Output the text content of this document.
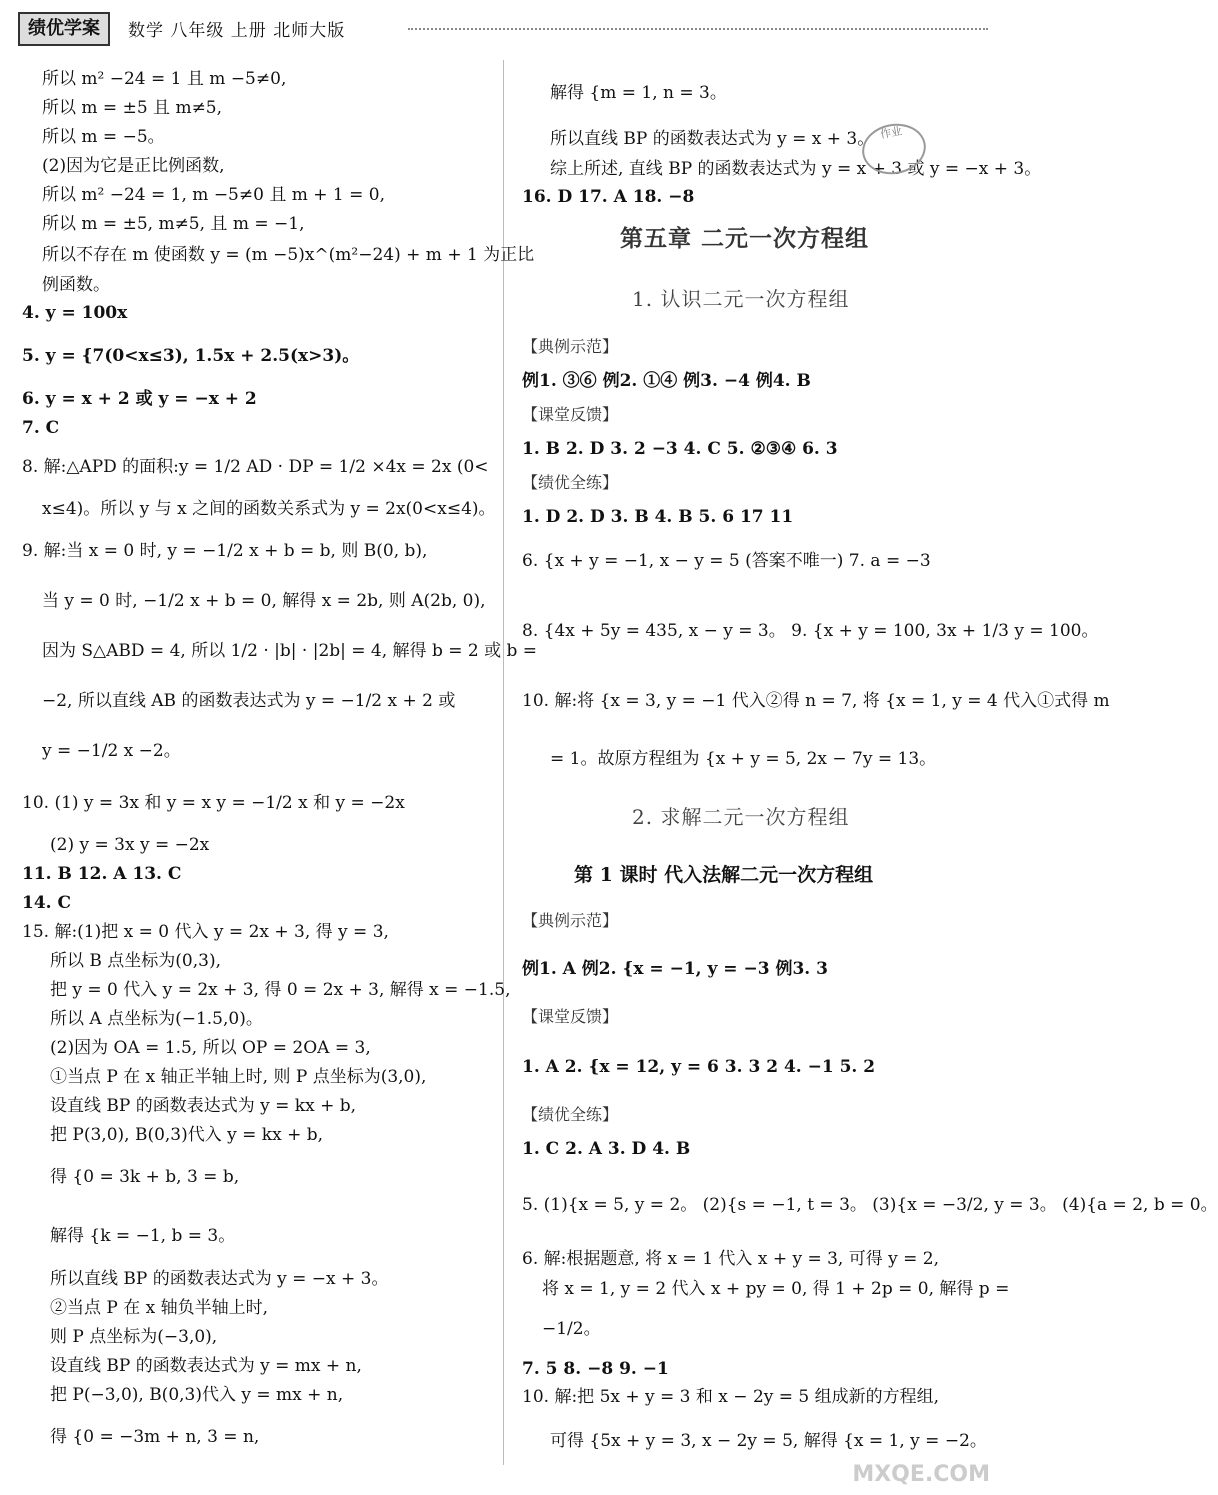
绩优学案	数学 八年级 上册 北师大版
所以 m² −24 = 1 且 m −5≠0,
所以 m = ±5 且 m≠5,
所以 m = −5。
(2)因为它是正比例函数,
所以 m² −24 = 1, m −5≠0 且 m + 1 = 0,
所以 m = ±5, m≠5, 且 m = −1,
所以不存在 m 使函数 y = (m −5)x^(m²−24) + m + 1 为正比
例函数。
4. y = 100x
5. y = {7(0<x≤3), 1.5x + 2.5(x>3)。
6. y = x + 2 或 y = −x + 2
7. C
8. 解:△APD 的面积:y = 1/2 AD · DP = 1/2 ×4x = 2x (0<
x≤4)。所以 y 与 x 之间的函数关系式为 y = 2x(0<x≤4)。
9. 解:当 x = 0 时, y = −1/2 x + b = b, 则 B(0, b),
当 y = 0 时, −1/2 x + b = 0, 解得 x = 2b, 则 A(2b, 0),
因为 S△ABD = 4, 所以 1/2 · |b| · |2b| = 4, 解得 b = 2 或 b =
−2, 所以直线 AB 的函数表达式为 y = −1/2 x + 2 或
y = −1/2 x −2。
10. (1) y = 3x 和 y = x y = −1/2 x 和 y = −2x
(2) y = 3x y = −2x
11. B 12. A 13. C
14. C
15. 解:(1)把 x = 0 代入 y = 2x + 3, 得 y = 3,
所以 B 点坐标为(0,3),
把 y = 0 代入 y = 2x + 3, 得 0 = 2x + 3, 解得 x = −1.5,
所以 A 点坐标为(−1.5,0)。
(2)因为 OA = 1.5, 所以 OP = 2OA = 3,
①当点 P 在 x 轴正半轴上时, 则 P 点坐标为(3,0),
设直线 BP 的函数表达式为 y = kx + b,
把 P(3,0), B(0,3)代入 y = kx + b,
得 {0 = 3k + b, 3 = b,
解得 {k = −1, b = 3。
所以直线 BP 的函数表达式为 y = −x + 3。
②当点 P 在 x 轴负半轴上时,
则 P 点坐标为(−3,0),
设直线 BP 的函数表达式为 y = mx + n,
把 P(−3,0), B(0,3)代入 y = mx + n,
得 {0 = −3m + n, 3 = n,
解得 {m = 1, n = 3。
所以直线 BP 的函数表达式为 y = x + 3。
综上所述, 直线 BP 的函数表达式为 y = x + 3 或 y = −x + 3。
16. D 17. A 18. −8
第五章 二元一次方程组
1. 认识二元一次方程组
【典例示范】
例1. ③⑥ 例2. ①④ 例3. −4 例4. B
【课堂反馈】
1. B 2. D 3. 2 −3 4. C 5. ②③④ 6. 3
【绩优全练】
1. D 2. D 3. B 4. B 5. 6 17 11
6. {x + y = −1, x − y = 5 (答案不唯一) 7. a = −3
8. {4x + 5y = 435, x − y = 3。 9. {x + y = 100, 3x + 1/3 y = 100。
10. 解:将 {x = 3, y = −1 代入②得 n = 7, 将 {x = 1, y = 4 代入①式得 m
= 1。故原方程组为 {x + y = 5, 2x − 7y = 13。
2. 求解二元一次方程组
第 1 课时 代入法解二元一次方程组
【典例示范】
例1. A 例2. {x = −1, y = −3 例3. 3
【课堂反馈】
1. A 2. {x = 12, y = 6 3. 3 2 4. −1 5. 2
【绩优全练】
1. C 2. A 3. D 4. B
5. (1){x = 5, y = 2。 (2){s = −1, t = 3。 (3){x = −3/2, y = 3。 (4){a = 2, b = 0。
6. 解:根据题意, 将 x = 1 代入 x + y = 3, 可得 y = 2,
将 x = 1, y = 2 代入 x + py = 0, 得 1 + 2p = 0, 解得 p =
−1/2。
7. 5 8. −8 9. −1
10. 解:把 5x + y = 3 和 x − 2y = 5 组成新的方程组,
可得 {5x + y = 3, x − 2y = 5, 解得 {x = 1, y = −2。
作业
MXQE.COM
